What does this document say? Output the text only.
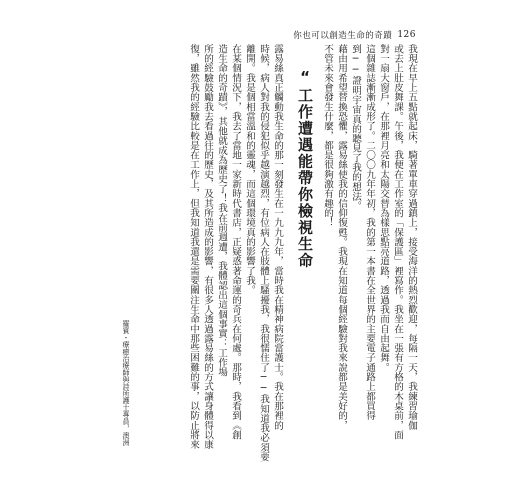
你也可以創造生命的奇蹟 126
我現在早上五點就起床，騎著單車穿過鎮上，接受海洋的熱烈歡迎，每隔一天，我練習瑜伽
或去上肚皮舞課。午後，我便在工作室的「保護區」裡寫作。我坐在一張有方格的木桌前，面
對一扇大窗戶，在那裡月亮和太陽交替為樣思點亮道路，透過我而自由起舞。
這個雜誌漸漸成形了。二〇〇九年年初，我的第一本書在全世界的主要電子通路上都買得
到──證明宇宙真的聽見了我的想法。
藉由用希望替換恐懼，露易絲使我的信仰復甦。我現在知道每個經驗對我來說都是美好的，
不管未來會發生什麼，都是很夠激有趣的！
“工作遭遇能帶你檢視生命
露易絲真正觸動我生命的那一刻發生在一九九九年，當時我在精神病院當護士。我在那裡的
時候，病人對我的侵犯似乎越演越烈，有位病人在肢體上騷擾我，我很懦住了──我知道我必須要
離開。我是個相當溫和的靈魂，而這個環境真的影響了我。
在某個情況下，我去了當地一家新時代書店，正疑惑著命運的奇兵在何處。那時，我看到《創
造生命的奇蹟》，其他就成為歷史了！我在前週遭，我體認出這個事實：工作場
所的經驗鼓勵我去看過往的歷史，及其所造成的影響，有很多人透過露易絲的方式讓身體得以康
復，雖然我的經驗比較是在工作上，但我知道我還是需要關注生命中那些困難的事，以防止將來
羅賓・療癒治療師與詩所護士專員，澳洲
